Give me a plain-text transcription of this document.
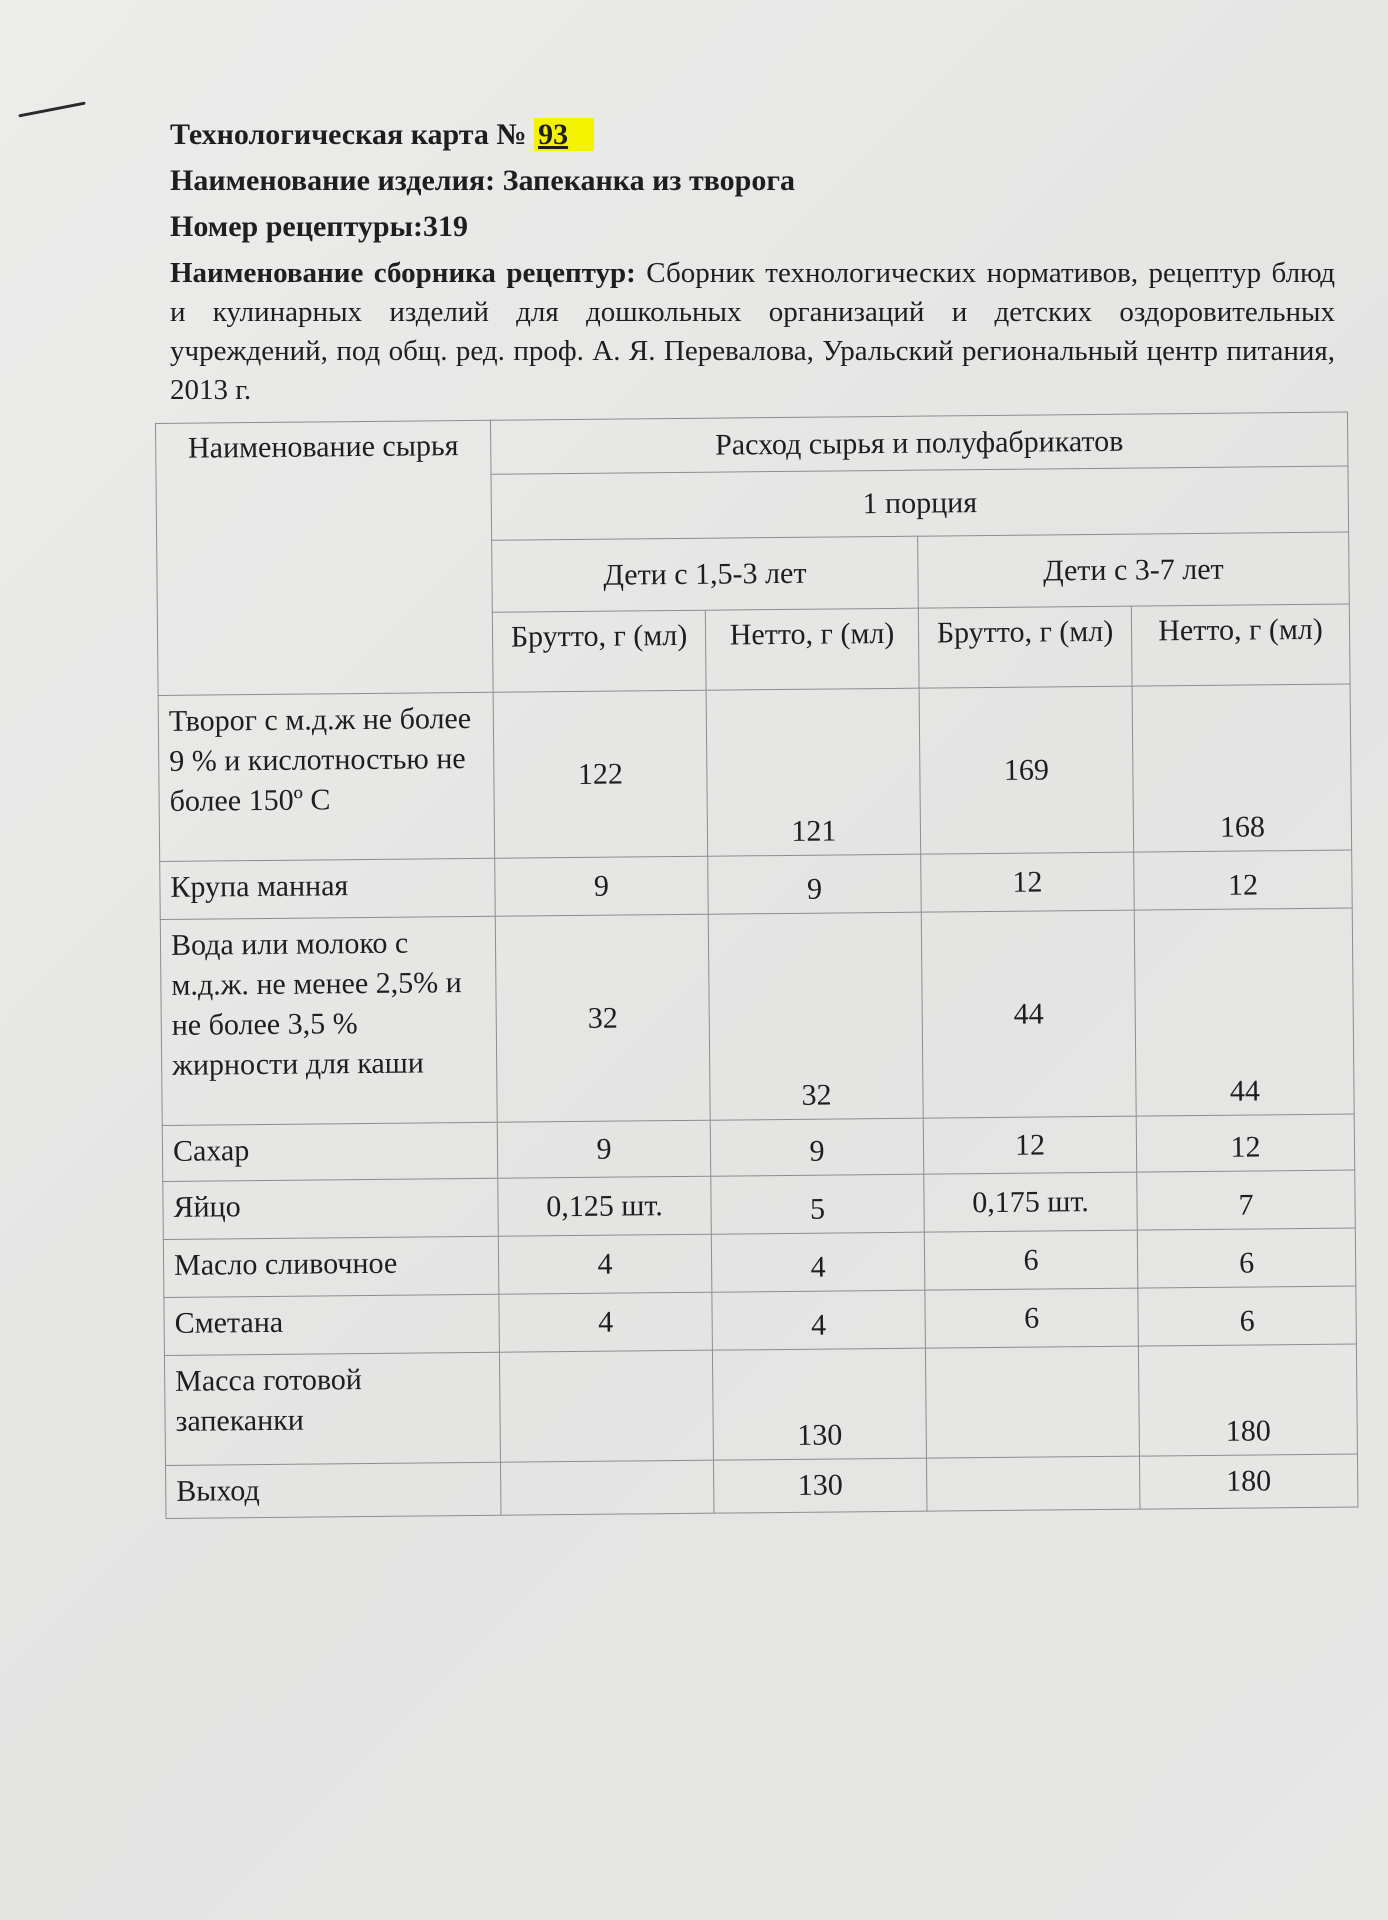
Технологическая карта № 93

Наименование изделия: Запеканка из творога

Номер рецептуры:319

Наименование сборника рецептур: Сборник технологических нормативов, рецептур блюд и кулинарных изделий для дошкольных организаций и детских оздоровительных учреждений, под общ. ред. проф. А. Я. Перевалова, Уральский региональный центр питания, 2013 г.
Наименование сырья	Расход сырья и полуфабрикатов			
	1 порция			
	Дети с 1,5-3 лет		Дети с 3-7 лет	
	Брутто, г (мл)	Нетто, г (мл)	Брутто, г (мл)	Нетто, г (мл)
Творог с м.д.ж не более 9 % и кислотностью не более 150º С	122	121	169	168
Крупа манная	9	9	12	12
Вода или молоко с м.д.ж. не менее 2,5% и не более 3,5 % жирности для каши	32	32	44	44
Сахар	9	9	12	12
Яйцо	0,125 шт.	5	0,175 шт.	7
Масло сливочное	4	4	6	6
Сметана	4	4	6	6
Масса готовой запеканки		130		180
Выход		130		180
